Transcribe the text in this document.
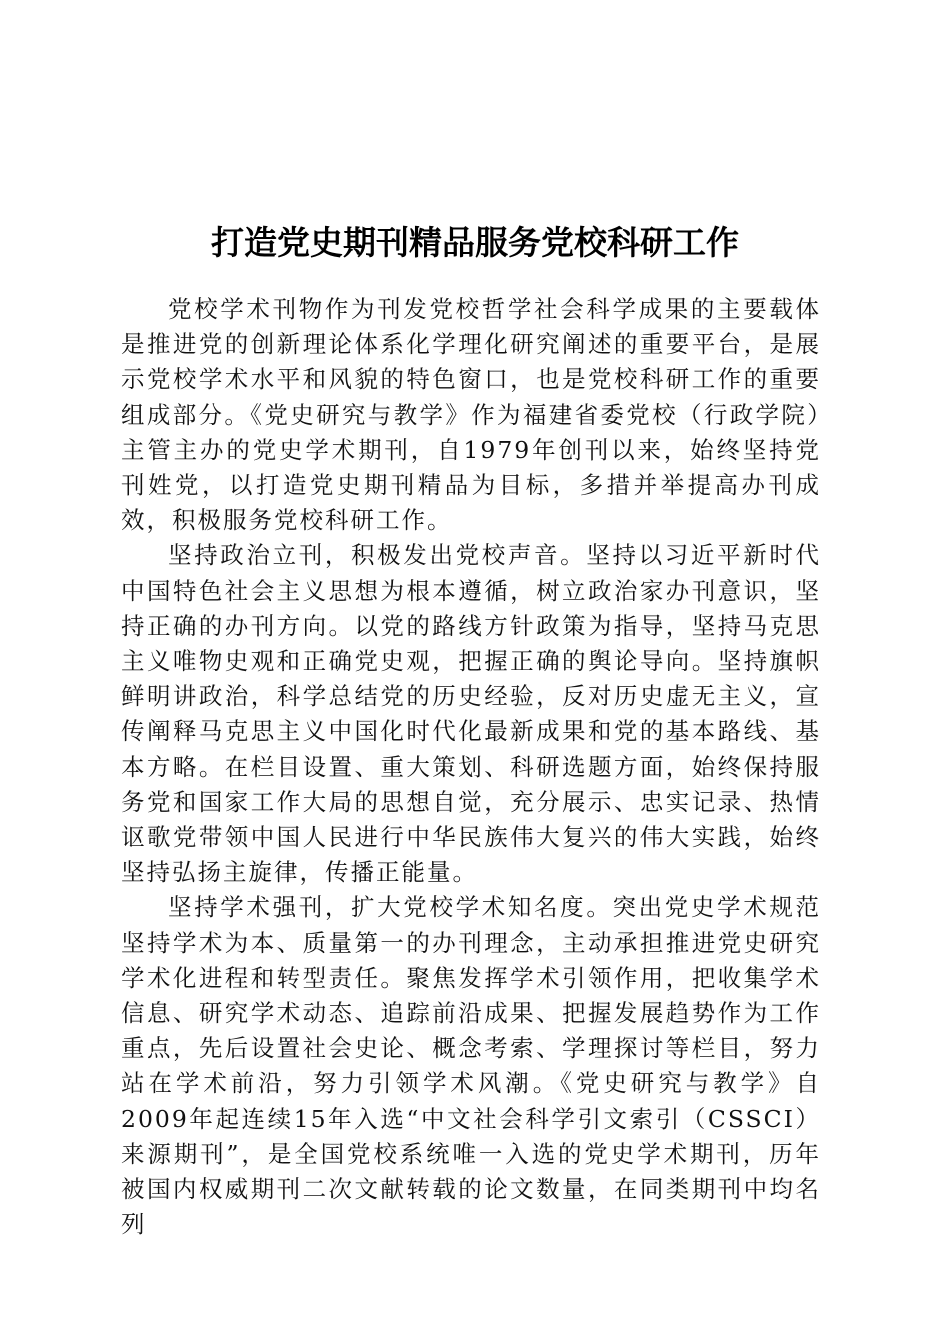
打造党史期刊精品服务党校科研工作

党校学术刊物作为刊发党校哲学社会科学成果的主要载体是推进党的创新理论体系化学理化研究阐述的重要平台，是展示党校学术水平和风貌的特色窗口，也是党校科研工作的重要组成部分。《党史研究与教学》作为福建省委党校（行政学院）主管主办的党史学术期刊，自1979年创刊以来，始终坚持党刊姓党，以打造党史期刊精品为目标，多措并举提高办刊成效，积极服务党校科研工作。

坚持政治立刊，积极发出党校声音。坚持以习近平新时代中国特色社会主义思想为根本遵循，树立政治家办刊意识，坚持正确的办刊方向。以党的路线方针政策为指导，坚持马克思主义唯物史观和正确党史观，把握正确的舆论导向。坚持旗帜鲜明讲政治，科学总结党的历史经验，反对历史虚无主义，宣传阐释马克思主义中国化时代化最新成果和党的基本路线、基本方略。在栏目设置、重大策划、科研选题方面，始终保持服务党和国家工作大局的思想自觉，充分展示、忠实记录、热情讴歌党带领中国人民进行中华民族伟大复兴的伟大实践，始终坚持弘扬主旋律，传播正能量。

坚持学术强刊，扩大党校学术知名度。突出党史学术规范坚持学术为本、质量第一的办刊理念，主动承担推进党史研究学术化进程和转型责任。聚焦发挥学术引领作用，把收集学术信息、研究学术动态、追踪前沿成果、把握发展趋势作为工作重点，先后设置社会史论、概念考索、学理探讨等栏目，努力站在学术前沿，努力引领学术风潮。《党史研究与教学》自2009年起连续15年入选“中文社会科学引文索引（CSSCI）来源期刊”，是全国党校系统唯一入选的党史学术期刊，历年被国内权威期刊二次文献转载的论文数量，在同类期刊中均名列
